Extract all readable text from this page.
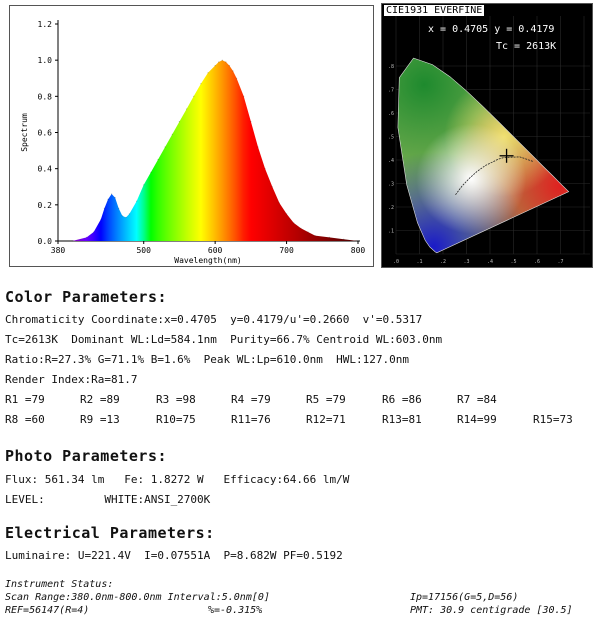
0.0
0.2
0.4
0.6
0.8
1.0
1.2
380	500	600	700	800
Wavelength(nm)
Spectrum
.0	.1	.2	.3	.4	.5	.6	.7
.1
.2
.3
.4
.5
.6
.7
.8
CIE1931 EVERFINE
x = 0.4705 y = 0.4179
Tc = 2613K
Color Parameters:
Chromaticity Coordinate:x=0.4705  y=0.4179/u'=0.2660  v'=0.5317
Tc=2613K  Dominant WL:Ld=584.1nm  Purity=66.7% Centroid WL:603.0nm
Ratio:R=27.3% G=71.1% B=1.6%  Peak WL:Lp=610.0nm  HWL:127.0nm
Render Index:Ra=81.7
R1 =79	R2 =89	R3 =98	R4 =79	R5 =79	R6 =86	R7 =84
R8 =60	R9 =13	R10=75	R11=76	R12=71	R13=81	R14=99	R15=73
Photo Parameters:
Flux: 561.34 lm   Fe: 1.8272 W   Efficacy:64.66 lm/W
LEVEL:         WHITE:ANSI_2700K
Electrical Parameters:
Luminaire: U=221.4V  I=0.07551A  P=8.682W PF=0.5192
Instrument Status:
Scan Range:380.0nm-800.0nm Interval:5.0nm[0]
REF=56147(R=4)	%=-0.315%
Ip=17156(G=5,D=56)
PMT: 30.9 centigrade [30.5]
